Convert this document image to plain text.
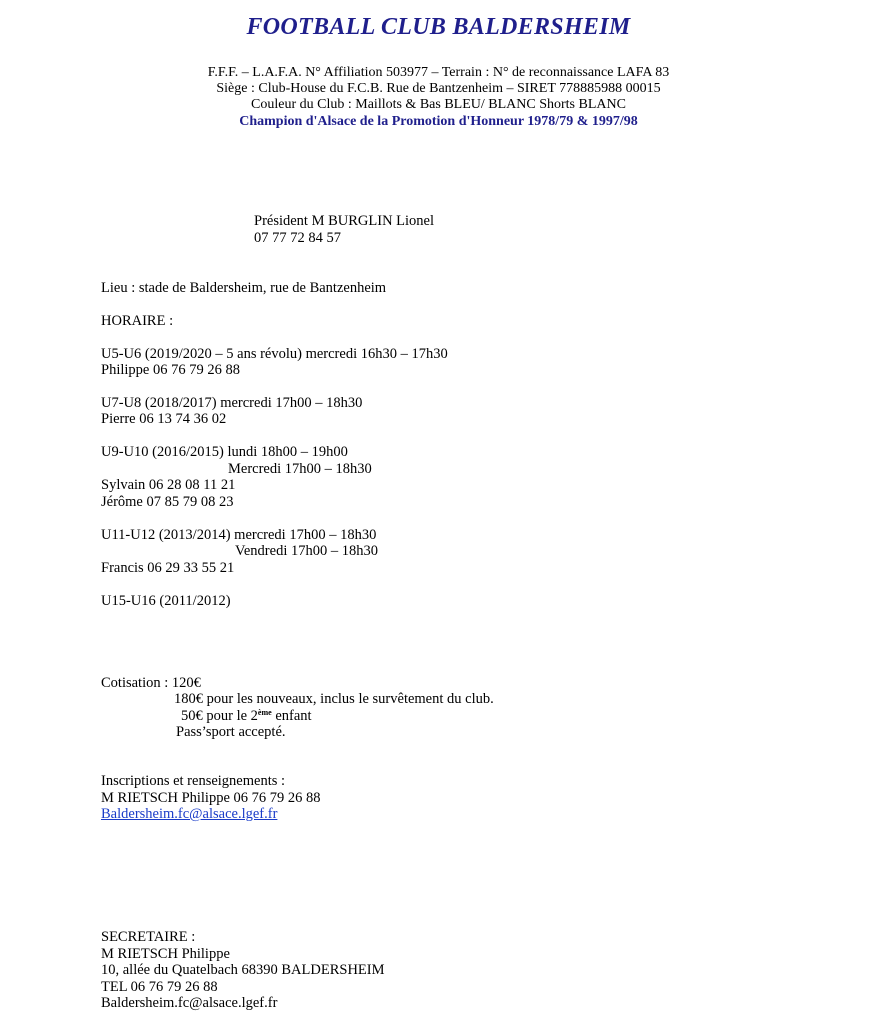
FOOTBALL CLUB BALDERSHEIM
F.F.F. – L.A.F.A. N° Affiliation 503977 – Terrain : N° de reconnaissance LAFA 83
Siège : Club-House du F.C.B. Rue de Bantzenheim – SIRET 778885988 00015
Couleur du Club : Maillots & Bas BLEU/ BLANC Shorts BLANC
Champion d'Alsace de la Promotion d'Honneur 1978/79 & 1997/98
Président M BURGLIN Lionel
07 77 72 84 57
Lieu : stade de Baldersheim, rue de Bantzenheim
HORAIRE :
U5-U6 (2019/2020 – 5 ans révolu) mercredi 16h30 – 17h30
Philippe 06 76 79 26 88
U7-U8 (2018/2017) mercredi 17h00 – 18h30
Pierre 06 13 74 36 02
U9-U10 (2016/2015) lundi 18h00 – 19h00
Mercredi 17h00 – 18h30
Sylvain 06 28 08 11 21
Jérôme 07 85 79 08 23
U11-U12 (2013/2014) mercredi 17h00 – 18h30
Vendredi 17h00 – 18h30
Francis 06 29 33 55 21
U15-U16 (2011/2012)
Cotisation : 120€
180€ pour les nouveaux, inclus le survêtement du club.
50€ pour le 2ème enfant
Pass’sport accepté.
Inscriptions et renseignements :
M RIETSCH Philippe 06 76 79 26 88
Baldersheim.fc@alsace.lgef.fr
SECRETAIRE :
M RIETSCH Philippe
10, allée du Quatelbach 68390 BALDERSHEIM
TEL 06 76 79 26 88
Baldersheim.fc@alsace.lgef.fr
